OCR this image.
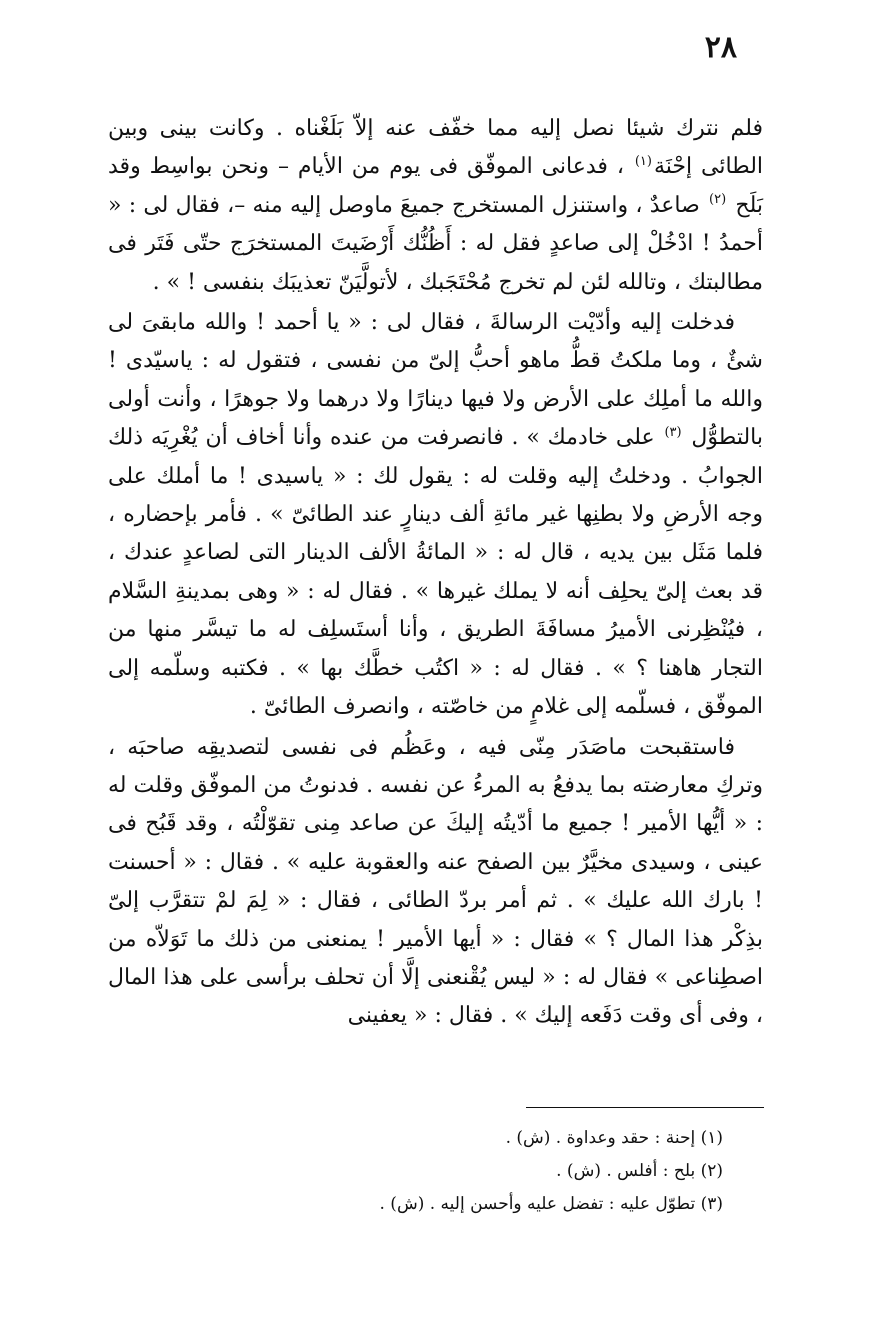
٢٨

فلم نترك شيئا نصل إليه مما خفّف عنه إلاّ بَلَغْناه . وكانت بينى وبين الطائى إحْنَة$^{(١)}$ ، فدعانى الموفّق فى يوم من الأيام – ونحن بواسِط وقد بَلَح $^{(٢)}$ صاعدٌ ، واستنزل المستخرج جميعَ ماوصل إليه منه –، فقال لى : « أحمدُ ! ادْخُلْ إلى صاعدٍ فقل له : أَظُنُّك أَرْضَيتَ المستخرَج حتّى فَتَر فى مطالبتك ، وتالله لئن لم تخرج مُحْتَجَبك ، لأتولَّيَنّ تعذيبَك بنفسى ! » .

فدخلت إليه وأدّيْت الرسالةَ ، فقال لى : « يا أحمد ! والله مابقىَ لى شئٌ ، وما ملكتُ قطُّ ماهو أحبُّ إلىّ من نفسى ، فتقول له : ياسيّدى ! والله ما أملِك على الأرض ولا فيها دينارًا ولا درهما ولا جوهرًا ، وأنت أولى بالتطوُّل $^{(٣)}$ على خادمك » . فانصرفت من عنده وأنا أخاف أن يُغْرِيَه ذلك الجوابُ . ودخلتُ إليه وقلت له : يقول لك : « ياسيدى ! ما أملك على وجه الأرضِ ولا بطنِها غير مائةِ ألف دينارٍ عند الطائىّ » . فأمر بإحضاره ، فلما مَثَل بين يديه ، قال له : « المائةُ الألف الدينار التى لصاعدٍ عندك ، قد بعث إلىّ يحلِف أنه لا يملك غيرها » . فقال له : « وهى بمدينةِ السَّلام ، فيُنْظِرنى الأميرُ مسافَةَ الطريق ، وأنا أستَسلِف له ما تيسَّر منها من التجار هاهنا ؟ » . فقال له : « اكتُب خطَّك بها » . فكتبه وسلّمه إلى الموفّق ، فسلّمه إلى غلامٍ من خاصّته ، وانصرف الطائىّ .

فاستقبحت ماصَدَر مِنّى فيه ، وعَظُم فى نفسى لتصديقِه صاحبَه ، وتركِ معارضته بما يدفعُ به المرءُ عن نفسه . فدنوتُ من الموفّق وقلت له : « أيُّها الأمير ! جميع ما أدّيتُه إليكَ عن صاعد مِنى تقوّلْتُه ، وقد قَبُح فى عينى ، وسيدى مخيَّرٌ بين الصفح عنه والعقوبة عليه » . فقال : « أحسنت ! بارك الله عليك » . ثم أمر بردّ الطائى ، فقال : « لِمَ لمْ تتقرَّب إلىّ بذِكْر هذا المال ؟ » فقال : « أيها الأمير ! يمنعنى من ذلك ما تَوَلاّه من اصطِناعى » فقال له : « ليس يُقْنعنى إلَّا أن تحلف برأسى على هذا المال ، وفى أى وقت دَفَعه إليك » . فقال : « يعفينى

(١) إحنة : حقد وعداوة . (ش) .

(٢) بلح : أفلس . (ش) .

(٣) تطوّل عليه : تفضل عليه وأحسن إليه . (ش) .
